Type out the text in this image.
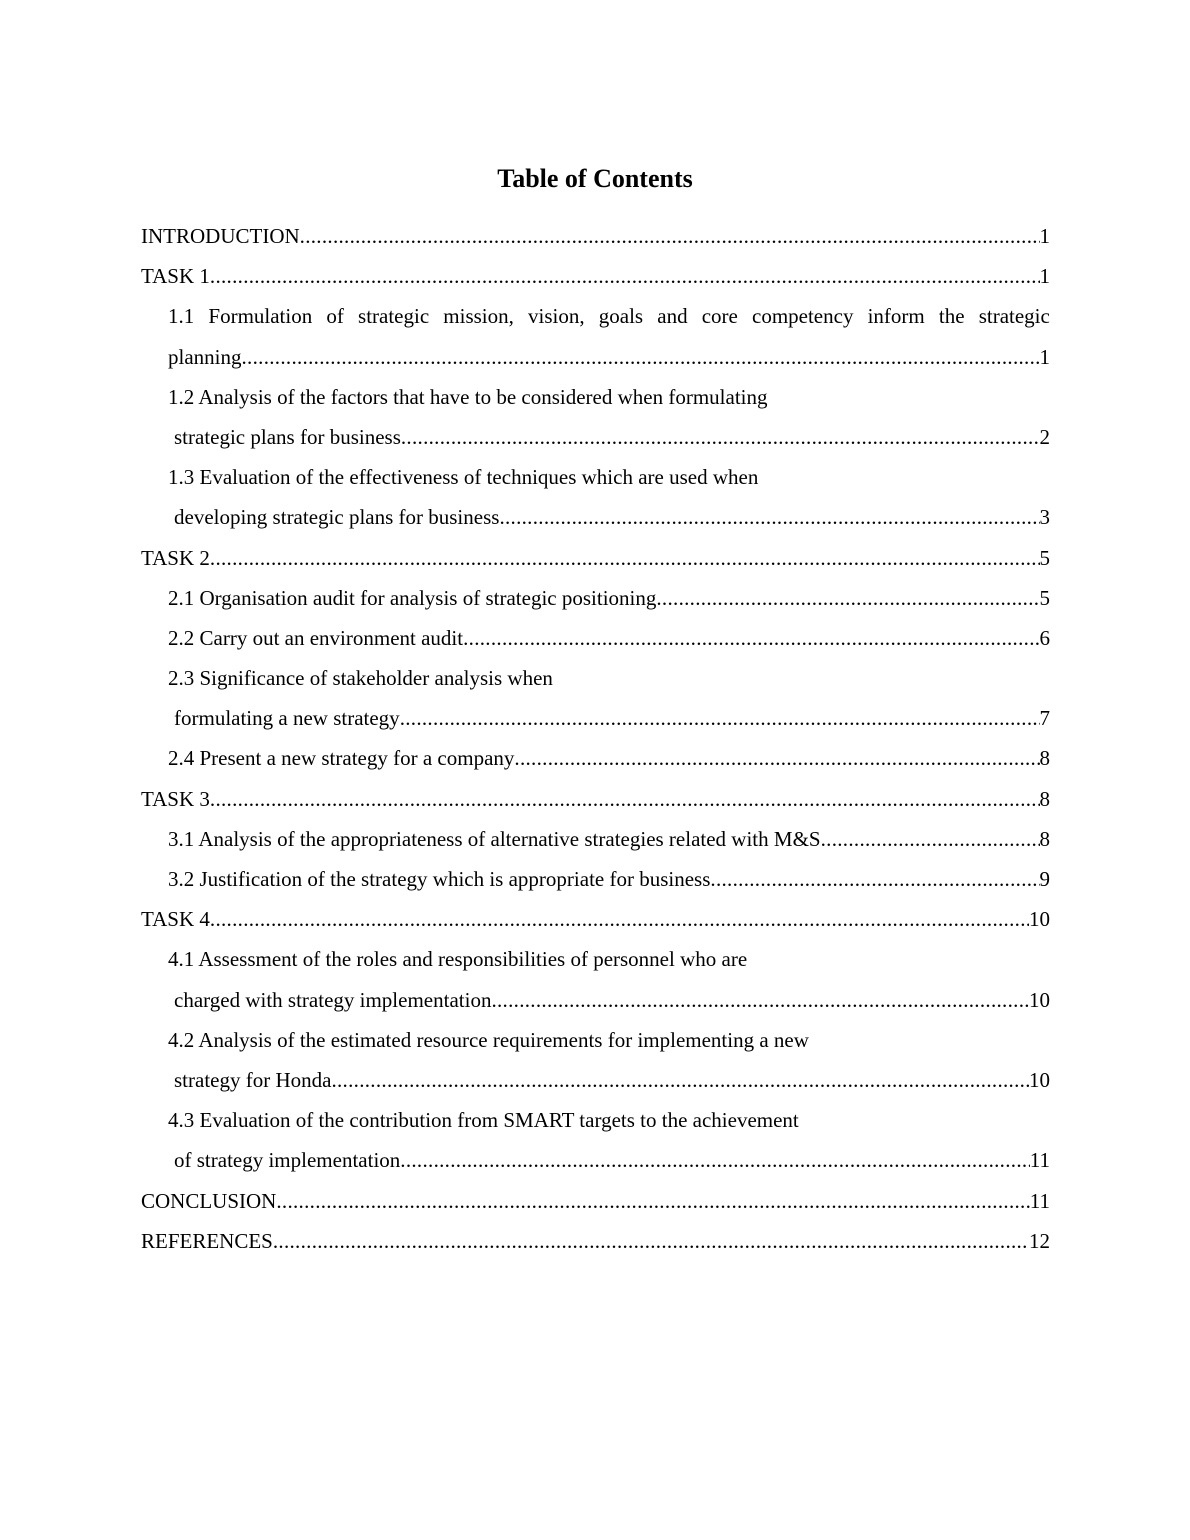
Table of Contents
INTRODUCTION .....	1
TASK 1 .....	1
1.1 Formulation of strategic mission, vision, goals and core competency inform the strategic
planning .....	1
1.2 Analysis of the factors that have to be considered when formulating
strategic plans for business .....	2
1.3 Evaluation of the effectiveness of techniques which are used when
developing strategic plans for business .....	3
TASK 2 .....	5
2.1 Organisation audit for analysis of strategic positioning .....	5
2.2 Carry out an environment audit .....	6
2.3 Significance of stakeholder analysis when
formulating a new strategy .....	7
2.4 Present a new strategy for a company .....	8
TASK 3 .....	8
3.1 Analysis of the appropriateness of alternative strategies related with M&S .....	8
3.2 Justification of the strategy which is appropriate for business .....	9
TASK 4 .....	10
4.1 Assessment of the roles and responsibilities of personnel who are
charged with strategy implementation .....	10
4.2 Analysis of the estimated resource requirements for implementing a new
strategy for Honda .....	10
4.3 Evaluation of the contribution from SMART targets to the achievement
of strategy implementation .....	11
CONCLUSION .....	11
REFERENCES .....	12
